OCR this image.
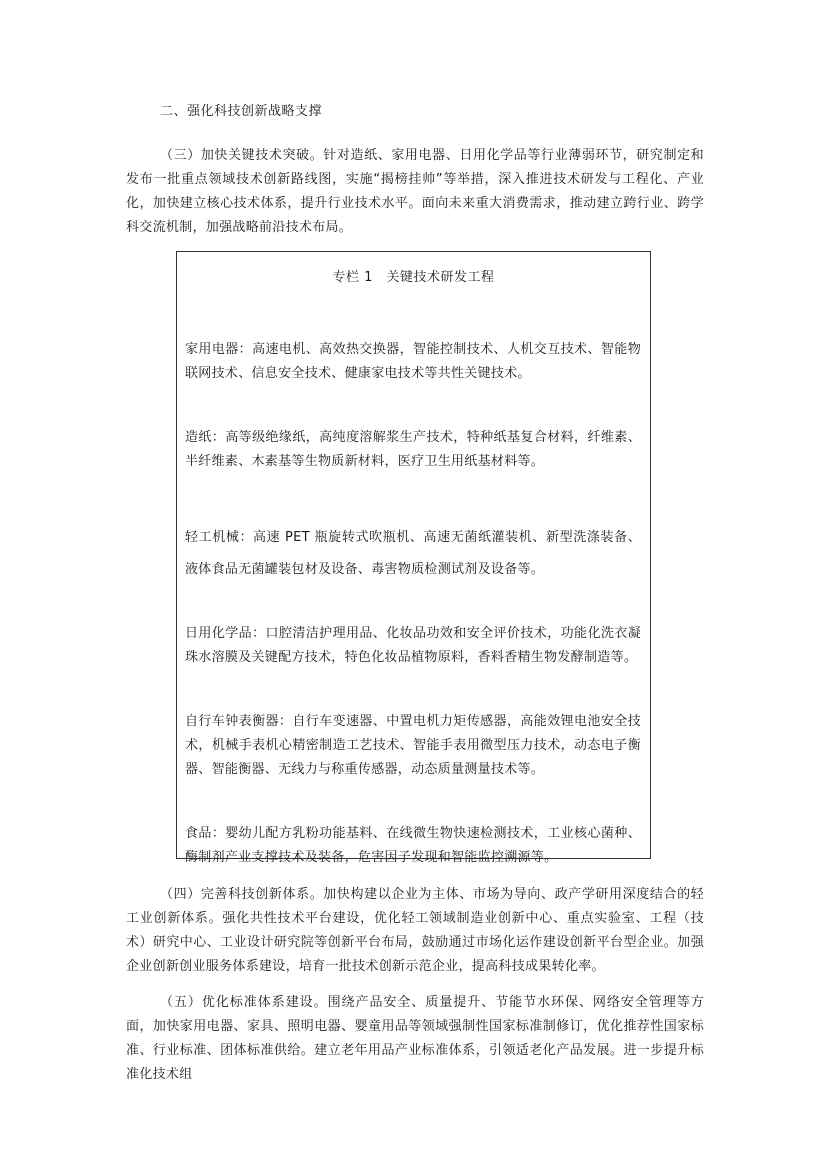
二、强化科技创新战略支撑

（三）加快关键技术突破。针对造纸、家用电器、日用化学品等行业薄弱环节，研究制定和发布一批重点领域技术创新路线图，实施“揭榜挂帅”等举措，深入推进技术研发与工程化、产业化，加快建立核心技术体系，提升行业技术水平。面向未来重大消费需求，推动建立跨行业、跨学科交流机制，加强战略前沿技术布局。

专栏 1　关键技术研发工程

家用电器：高速电机、高效热交换器，智能控制技术、人机交互技术、智能物联网技术、信息安全技术、健康家电技术等共性关键技术。

造纸：高等级绝缘纸，高纯度溶解浆生产技术，特种纸基复合材料，纤维素、半纤维素、木素基等生物质新材料，医疗卫生用纸基材料等。

轻工机械：高速 PET 瓶旋转式吹瓶机、高速无菌纸灌装机、新型洗涤装备、液体食品无菌罐装包材及设备、毒害物质检测试剂及设备等。

日用化学品：口腔清洁护理用品、化妆品功效和安全评价技术，功能化洗衣凝珠水溶膜及关键配方技术，特色化妆品植物原料，香料香精生物发酵制造等。

自行车钟表衡器：自行车变速器、中置电机力矩传感器，高能效锂电池安全技术，机械手表机心精密制造工艺技术、智能手表用微型压力技术，动态电子衡器、智能衡器、无线力与称重传感器，动态质量测量技术等。

食品：婴幼儿配方乳粉功能基料、在线微生物快速检测技术，工业核心菌种、酶制剂产业支撑技术及装备，危害因子发现和智能监控溯源等。

（四）完善科技创新体系。加快构建以企业为主体、市场为导向、政产学研用深度结合的轻工业创新体系。强化共性技术平台建设，优化轻工领域制造业创新中心、重点实验室、工程（技术）研究中心、工业设计研究院等创新平台布局，鼓励通过市场化运作建设创新平台型企业。加强企业创新创业服务体系建设，培育一批技术创新示范企业，提高科技成果转化率。

（五）优化标准体系建设。围绕产品安全、质量提升、节能节水环保、网络安全管理等方面，加快家用电器、家具、照明电器、婴童用品等领域强制性国家标准制修订，优化推荐性国家标准、行业标准、团体标准供给。建立老年用品产业标准体系，引领适老化产品发展。进一步提升标准化技术组
